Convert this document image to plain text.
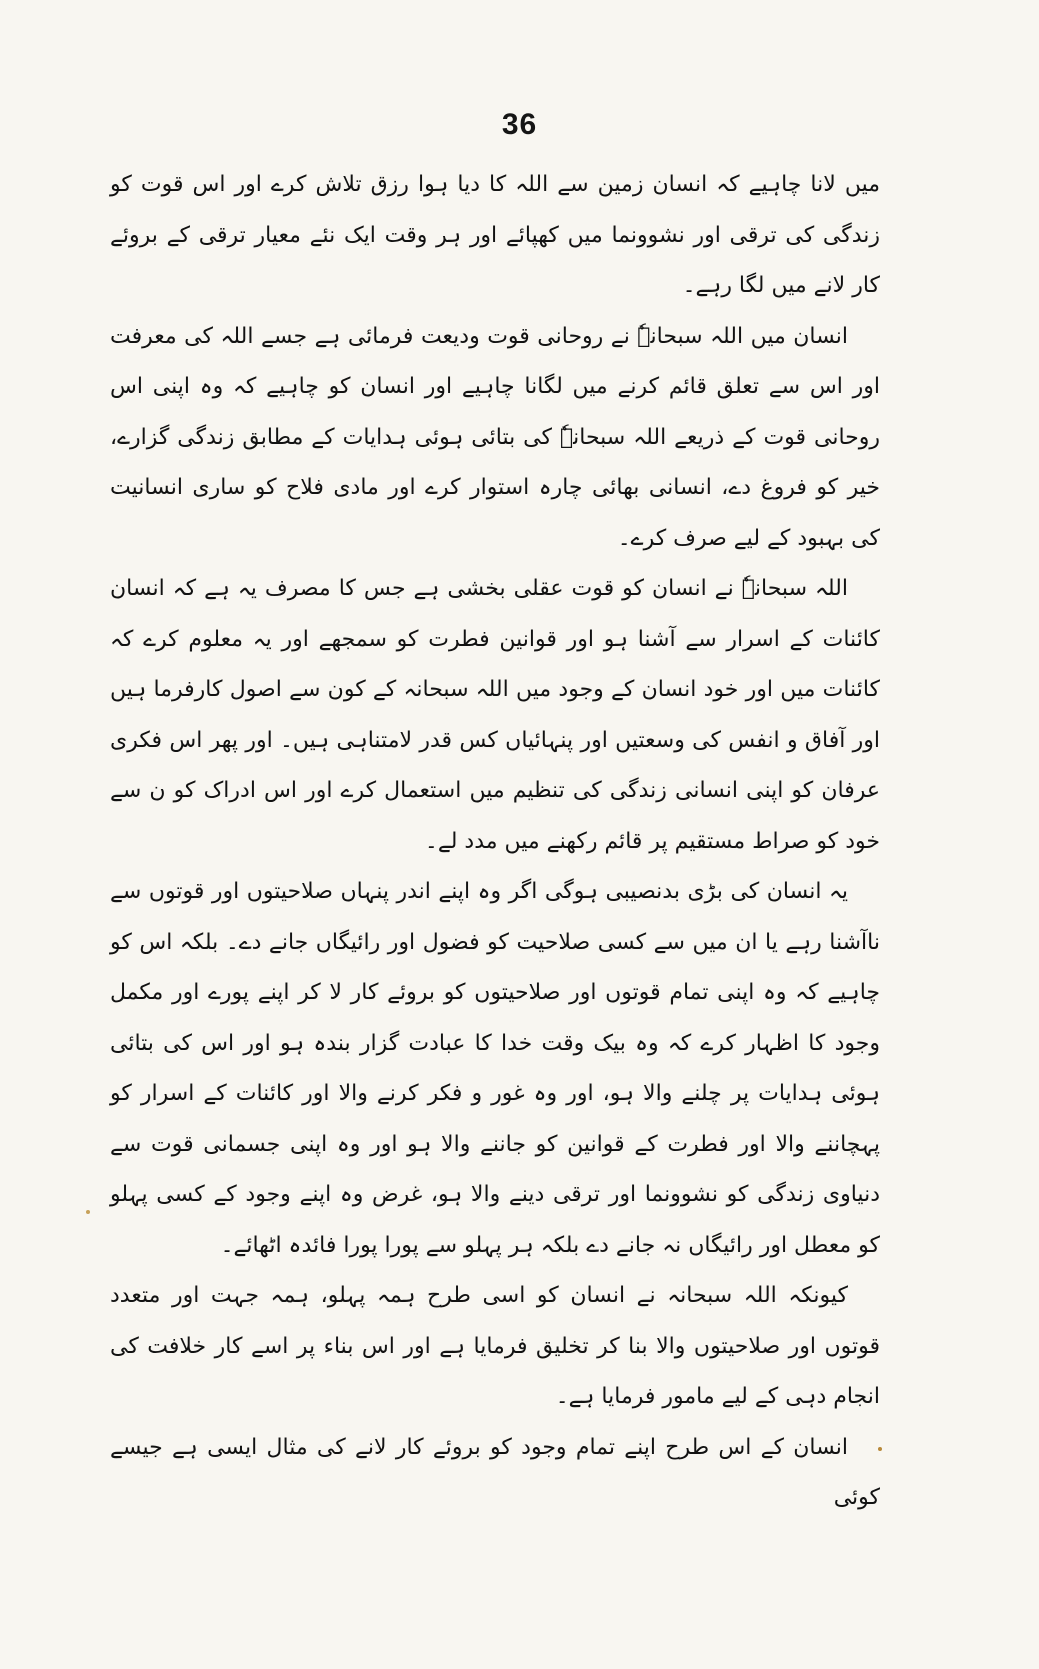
36

میں لانا چاہیے کہ انسان زمین سے اللہ کا دیا ہوا رزق تلاش کرے اور اس قوت کو زندگی کی ترقی اور نشوونما میں کھپائے اور ہر وقت ایک نئے معیار ترقی کے بروئے کار لانے میں لگا رہے۔

انسان میں اللہ سبحانہٗ نے روحانی قوت ودیعت فرمائی ہے جسے اللہ کی معرفت اور اس سے تعلق قائم کرنے میں لگانا چاہیے اور انسان کو چاہیے کہ وہ اپنی اس روحانی قوت کے ذریعے اللہ سبحانہٗ کی بتائی ہوئی ہدایات کے مطابق زندگی گزارے، خیر کو فروغ دے، انسانی بھائی چارہ استوار کرے اور مادی فلاح کو ساری انسانیت کی بہبود کے لیے صرف کرے۔

اللہ سبحانہٗ نے انسان کو قوت عقلی بخشی ہے جس کا مصرف یہ ہے کہ انسان کائنات کے اسرار سے آشنا ہو اور قوانین فطرت کو سمجھے اور یہ معلوم کرے کہ کائنات میں اور خود انسان کے وجود میں اللہ سبحانہ کے کون سے اصول کارفرما ہیں اور آفاق و انفس کی وسعتیں اور پنہائیاں کس قدر لامتناہی ہیں۔ اور پھر اس فکری عرفان کو اپنی انسانی زندگی کی تنظیم میں استعمال کرے اور اس ادراک کو ن سے خود کو صراط مستقیم پر قائم رکھنے میں مدد لے۔

یہ انسان کی بڑی بدنصیبی ہوگی اگر وہ اپنے اندر پنہاں صلاحیتوں اور قوتوں سے ناآشنا رہے یا ان میں سے کسی صلاحیت کو فضول اور رائیگاں جانے دے۔ بلکہ اس کو چاہیے کہ وہ اپنی تمام قوتوں اور صلاحیتوں کو بروئے کار لا کر اپنے پورے اور مکمل وجود کا اظہار کرے کہ وہ بیک وقت خدا کا عبادت گزار بندہ ہو اور اس کی بتائی ہوئی ہدایات پر چلنے والا ہو، اور وہ غور و فکر کرنے والا اور کائنات کے اسرار کو پہچاننے والا اور فطرت کے قوانین کو جاننے والا ہو اور وہ اپنی جسمانی قوت سے دنیاوی زندگی کو نشوونما اور ترقی دینے والا ہو، غرض وہ اپنے وجود کے کسی پہلو کو معطل اور رائیگاں نہ جانے دے بلکہ ہر پہلو سے پورا پورا فائدہ اٹھائے۔

کیونکہ اللہ سبحانہ نے انسان کو اسی طرح ہمہ پہلو، ہمہ جہت اور متعدد قوتوں اور صلاحیتوں والا بنا کر تخلیق فرمایا ہے اور اس بناء پر اسے کار خلافت کی انجام دہی کے لیے مامور فرمایا ہے۔

انسان کے اس طرح اپنے تمام وجود کو بروئے کار لانے کی مثال ایسی ہے جیسے کوئی
